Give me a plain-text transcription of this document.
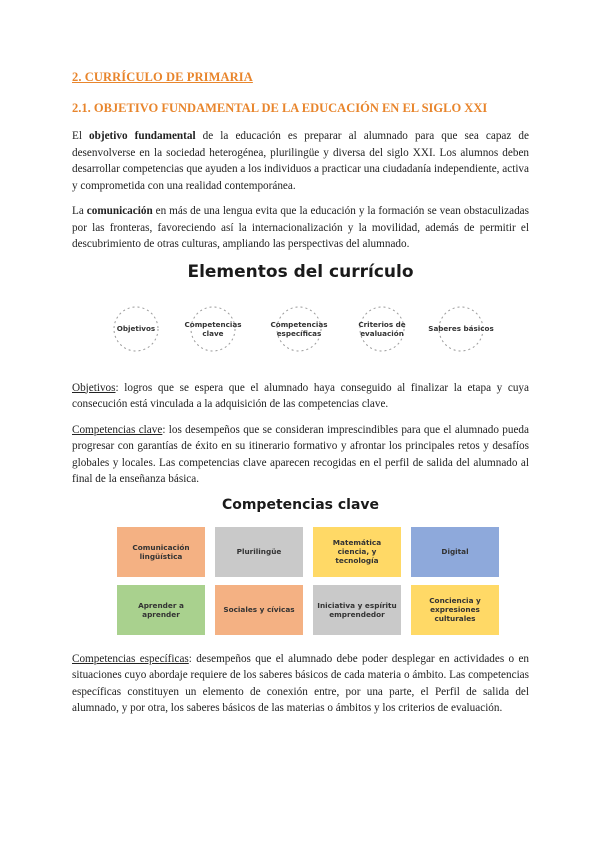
2. CURRÍCULO DE PRIMARIA
2.1. OBJETIVO FUNDAMENTAL DE LA EDUCACIÓN EN EL SIGLO XXI

El objetivo fundamental de la educación es preparar al alumnado para que sea capaz de desenvolverse en la sociedad heterogénea, plurilingüe y diversa del siglo XXI. Los alumnos deben desarrollar competencias que ayuden a los individuos a practicar una ciudadanía independiente, activa y comprometida con una realidad contemporánea.

La comunicación en más de una lengua evita que la educación y la formación se vean obstaculizadas por las fronteras, favoreciendo así la internacionalización y la movilidad, además de permitir el descubrimiento de otras culturas, ampliando las perspectivas del alumnado.

Elementos del currículo
Objetivos	Competencias clave
Competencias específicas
Criterios de evaluación	Saberes básicos

Objetivos: logros que se espera que el alumnado haya conseguido al finalizar la etapa y cuya consecución está vinculada a la adquisición de las competencias clave.

Competencias clave: los desempeños que se consideran imprescindibles para que el alumnado pueda progresar con garantías de éxito en su itinerario formativo y afrontar los principales retos y desafíos globales y locales. Las competencias clave aparecen recogidas en el perfil de salida del alumnado al final de la enseñanza básica.

Competencias clave
Comunicación lingüística	Plurilingüe
Matemática ciencia, y tecnología
Digital
Aprender a aprender	Sociales y cívicas	Iniciativa y espíritu emprendedor
Conciencia y expresiones culturales

Competencias específicas: desempeños que el alumnado debe poder desplegar en actividades o en situaciones cuyo abordaje requiere de los saberes básicos de cada materia o ámbito. Las competencias específicas constituyen un elemento de conexión entre, por una parte, el Perfil de salida del alumnado, y por otra, los saberes básicos de las materias o ámbitos y los criterios de evaluación.
